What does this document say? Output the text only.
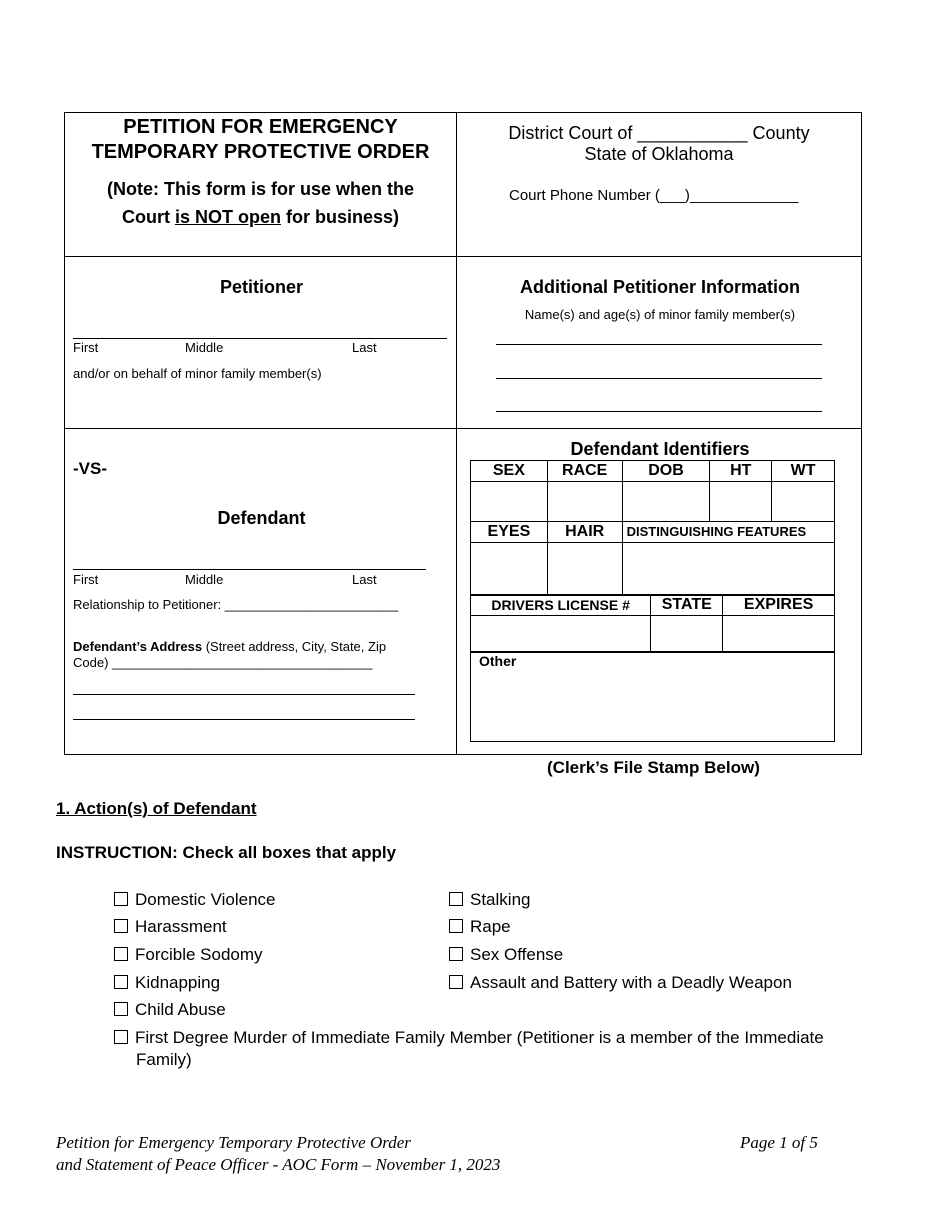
PETITION FOR EMERGENCY
TEMPORARY PROTECTIVE ORDER
(Note: This form is for use when the
Court is NOT open for business)
District Court of ___________ County
State of Oklahoma
Court Phone Number (___)_____________
Petitioner
First	Middle	Last
and/or on behalf of minor family member(s)
Additional Petitioner Information
Name(s) and age(s) of minor family member(s)
-VS-
Defendant
First	Middle	Last
Relationship to Petitioner: ________________________
Defendant’s Address (Street address, City, State, Zip
Code) ____________________________________
Defendant Identifiers
SEX	RACE	DOB	HT	WT

EYES	HAIR	DISTINGUISHING FEATURES

DRIVERS LICENSE #	STATE	EXPIRES

Other
(Clerk’s File Stamp Below)
1. Action(s) of Defendant
INSTRUCTION: Check all boxes that apply
Domestic Violence
Harassment
Forcible Sodomy
Kidnapping
Child Abuse
Stalking
Rape
Sex Offense
Assault and Battery with a Deadly Weapon
First Degree Murder of Immediate Family Member (Petitioner is a member of the Immediate
Family)
Petition for Emergency Temporary Protective Order
and Statement of Peace Officer - AOC Form – November 1, 2023
Page 1 of 5
